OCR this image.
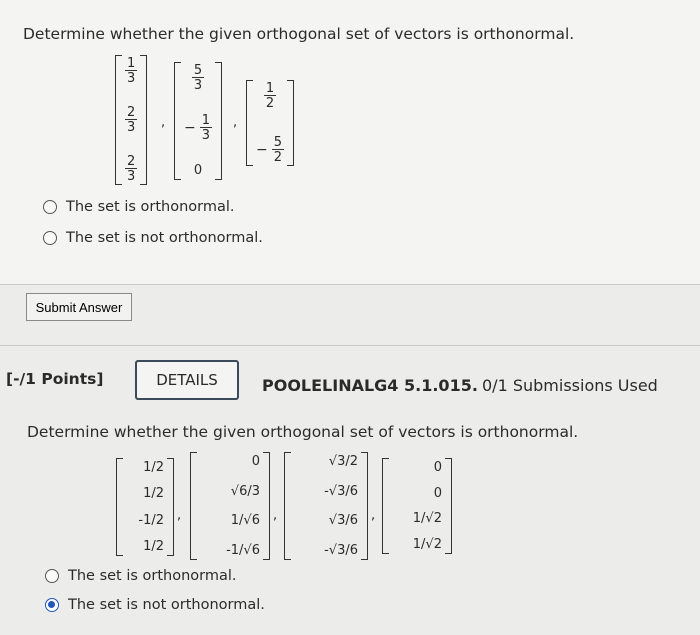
Determine whether the given orthogonal set of vectors is orthonormal.
$\frac{1}{3}$
$\frac{2}{3}$
$\frac{2}{3}$
,
$\frac{5}{3}$
− $\frac{1}{3}$
0
,
$\frac{1}{2}$
− $\frac{5}{2}$
The set is orthonormal.
The set is not orthonormal.
Submit Answer
[-/1 Points]	DETAILS	POOLELINALG4 5.1.015. 0/1 Submissions Used
Determine whether the given orthogonal set of vectors is orthonormal.
1/2
1/2
-1/2
1/2
,
0
√6/3
1/√6
-1/√6
,
√3/2
-√3/6
√3/6
-√3/6
,
0
0
1/√2
1/√2
The set is orthonormal.
The set is not orthonormal.
